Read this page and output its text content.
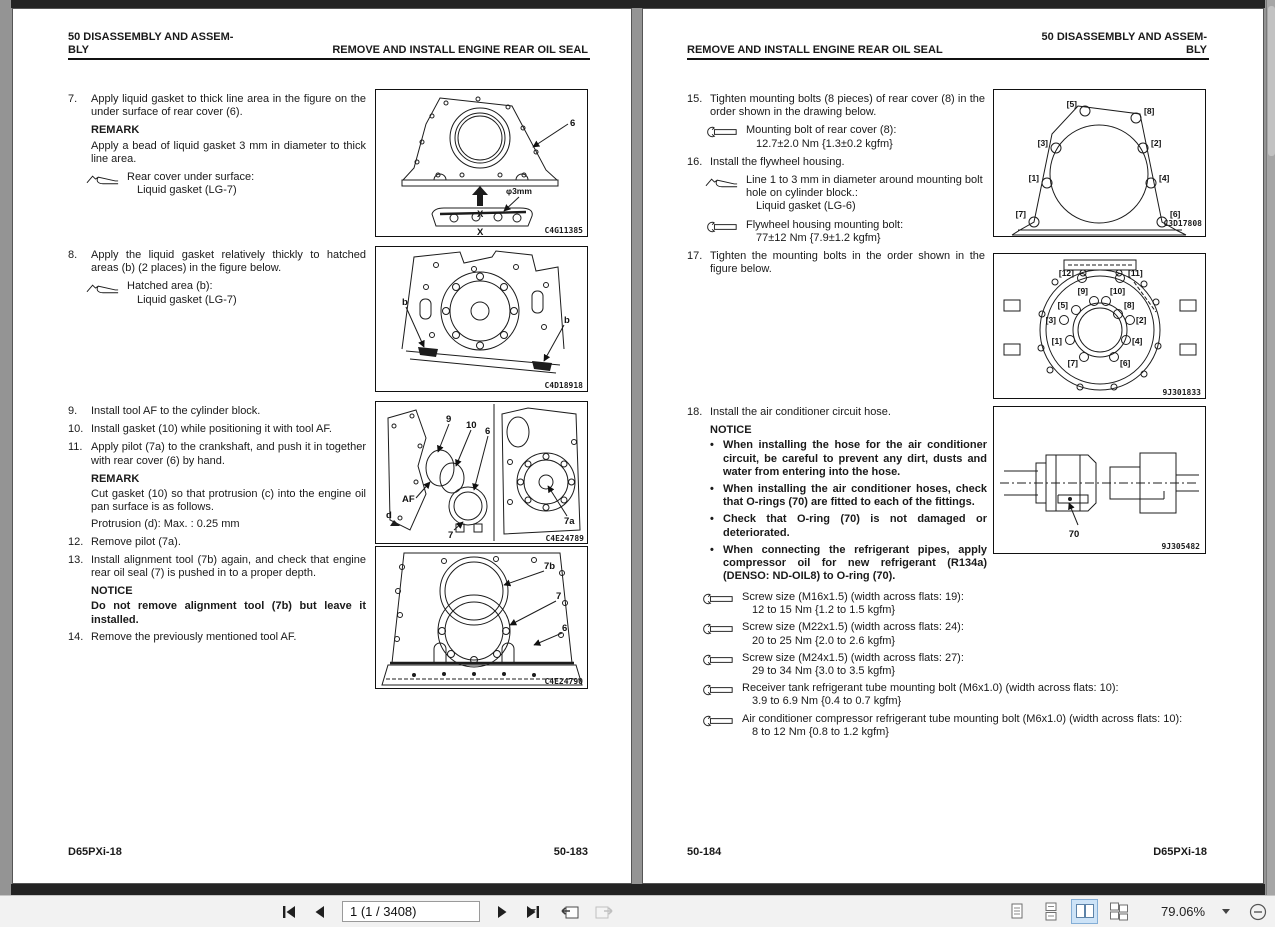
50 DISASSEMBLY AND ASSEM-
BLY	REMOVE AND INSTALL ENGINE REAR OIL SEAL
7.	Apply liquid gasket to thick line area in the figure on the under surface of rear cover (6).
REMARK
Apply a bead of liquid gasket 3 mm in diameter to thick line area.
Rear cover under surface:
Liquid gasket (LG-7)
8.	Apply the liquid gasket relatively thickly to hatched areas (b) (2 places) in the figure below.
Hatched area (b):
Liquid gasket (LG-7)
9.	Install tool AF to the cylinder block.
10. Install gasket (10) while positioning it with tool AF.
11. Apply pilot (7a) to the crankshaft, and push it in together with rear cover (6) by hand.
REMARK
Cut gasket (10) so that protrusion (c) into the engine oil pan surface is as follows.
Protrusion (d): Max. : 0.25 mm
12. Remove pilot (7a).
13. Install alignment tool (7b) again, and check that engine rear oil seal (7) is pushed in to a proper depth.
NOTICE
Do not remove alignment tool (7b) but leave it installed.
14. Remove the previously mentioned tool AF.
6
X
φ3mm
X	C4G11385
b
b
C4D18918
9
10
6
AF
d
7
7a
C4E24789
7b
7
6
C4E24790
D65PXi-18	50-183
REMOVE AND INSTALL ENGINE REAR OIL SEAL
50 DISASSEMBLY AND ASSEM-
BLY
15. Tighten mounting bolts (8 pieces) of rear cover (8) in the order shown in the drawing below.
Mounting bolt of rear cover (8):
12.7±2.0 Nm {1.3±0.2 kgfm}
16. Install the flywheel housing.
Line 1 to 3 mm in diameter around mounting bolt hole on cylinder block.:
Liquid gasket (LG-6)
Flywheel housing mounting bolt:
77±12 Nm {7.9±1.2 kgfm}
17. Tighten the mounting bolts in the order shown in the figure below.
18. Install the air conditioner circuit hose.
NOTICE
• When installing the hose for the air conditioner circuit, be careful to prevent any dirt, dusts and water from entering into the hose.
• When installing the air conditioner hoses, check that O-rings (70) are fitted to each of the fittings.
• Check that O-ring (70) is not damaged or deteriorated.
• When connecting the refrigerant pipes, apply compressor oil for new refrigerant (R134a) (DENSO: ND-OIL8) to O-ring (70).
Screw size (M16x1.5) (width across flats: 19):
12 to 15 Nm {1.2 to 1.5 kgfm}
Screw size (M22x1.5) (width across flats: 24):
20 to 25 Nm {2.0 to 2.6 kgfm}
Screw size (M24x1.5) (width across flats: 27):
29 to 34 Nm {3.0 to 3.5 kgfm}
Receiver tank refrigerant tube mounting bolt (M6x1.0) (width across flats: 10):
3.9 to 6.9 Nm {0.4 to 0.7 kgfm}
Air conditioner compressor refrigerant tube mounting bolt (M6x1.0) (width across flats: 10):
8 to 12 Nm {0.8 to 1.2 kgfm}
[5]
[8]
[3]	[2]
[1]	[4]
[7]	[6]
C3D17808
[12]	[11]
[9]	[10]
[5]	[8]
[3]	[2]
[1]	[4]
[7]	[6]
9J301833
70
9J305482
50-184	D65PXi-18
1 (1 / 3408)
79.06%
